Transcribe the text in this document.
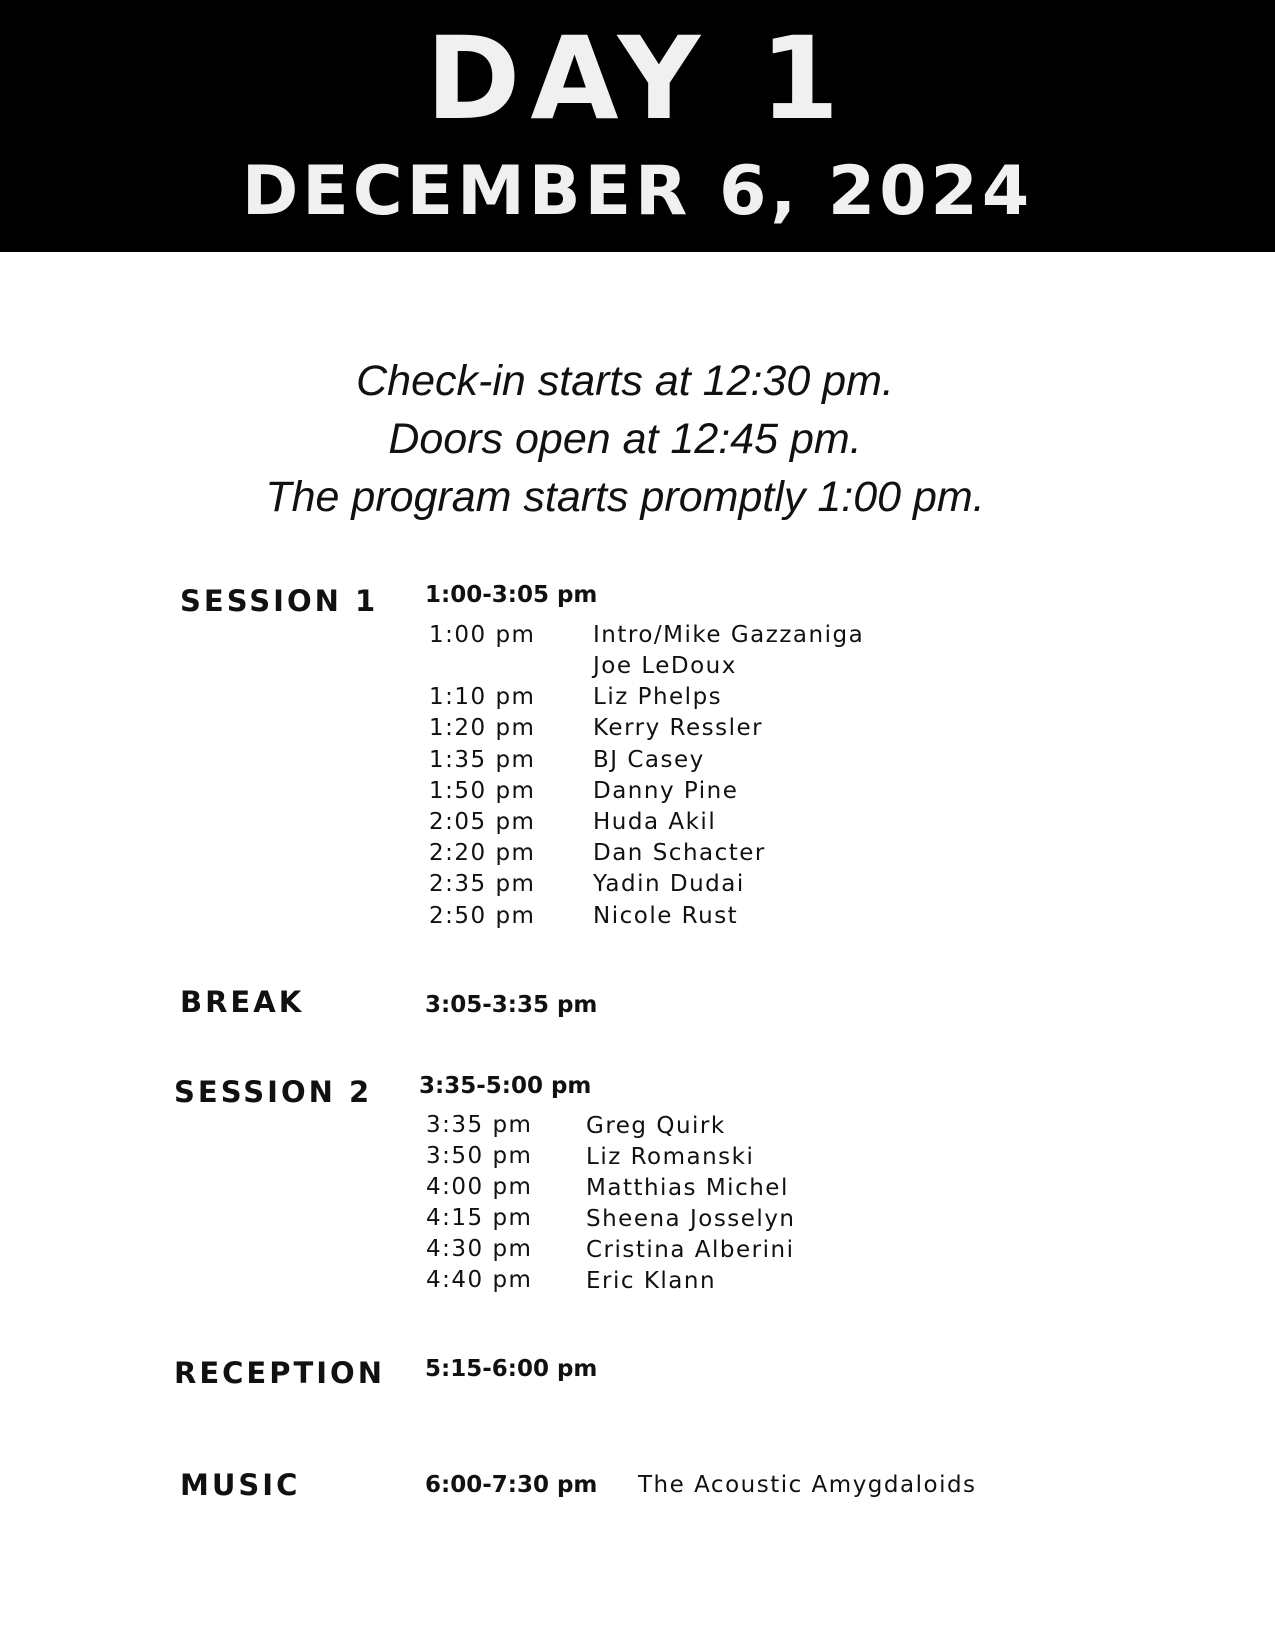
DAY 1
DECEMBER 6, 2024
Check-in starts at 12:30 pm.
Doors open at 12:45 pm.
The program starts promptly 1:00 pm.
SESSION 1 1:00-3:05 pm
1:00 pm	Intro/Mike Gazzaniga
Joe LeDoux
1:10 pm	Liz Phelps
1:20 pm	Kerry Ressler
1:35 pm	BJ Casey
1:50 pm	Danny Pine
2:05 pm	Huda Akil
2:20 pm	Dan Schacter
2:35 pm	Yadin Dudai
2:50 pm	Nicole Rust
BREAK	3:05-3:35 pm
SESSION 2 3:35-5:00 pm
3:35 pm Greg Quirk
3:50 pm Liz Romanski
4:00 pm Matthias Michel
4:15 pm Sheena Josselyn
4:30 pm Cristina Alberini
4:40 pm Eric Klann
RECEPTION 5:15-6:00 pm
MUSIC	6:00-7:30 pm The Acoustic Amygdaloids
